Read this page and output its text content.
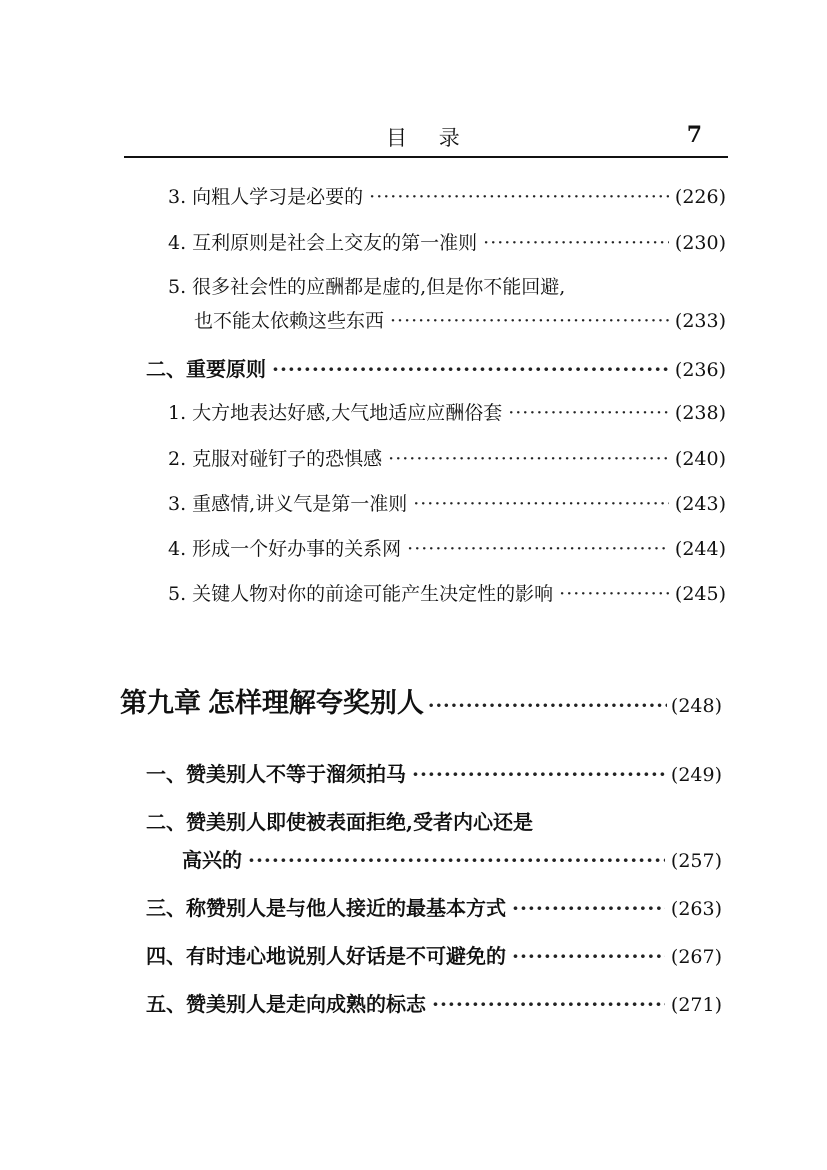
目    录	7
3. 向粗人学习是必要的 ·····	(226)
4. 互利原则是社会上交友的第一准则 ·····	(230)
5. 很多社会性的应酬都是虚的,但是你不能回避,
也不能太依赖这些东西 ·····	(233)
二、重要原则 ·····	(236)
1. 大方地表达好感,大气地适应应酬俗套 ·····	(238)
2. 克服对碰钉子的恐惧感 ·····	(240)
3. 重感情,讲义气是第一准则 ·····	(243)
4. 形成一个好办事的关系网 ·····	(244)
5. 关键人物对你的前途可能产生决定性的影响 ·····	(245)
第九章 怎样理解夸奖别人 ·····	(248)
一、赞美别人不等于溜须拍马 ·····	(249)
二、赞美别人即使被表面拒绝,受者内心还是
高兴的 ·····	(257)
三、称赞别人是与他人接近的最基本方式 ·····	(263)
四、有时违心地说别人好话是不可避免的 ·····	(267)
五、赞美别人是走向成熟的标志 ·····	(271)
